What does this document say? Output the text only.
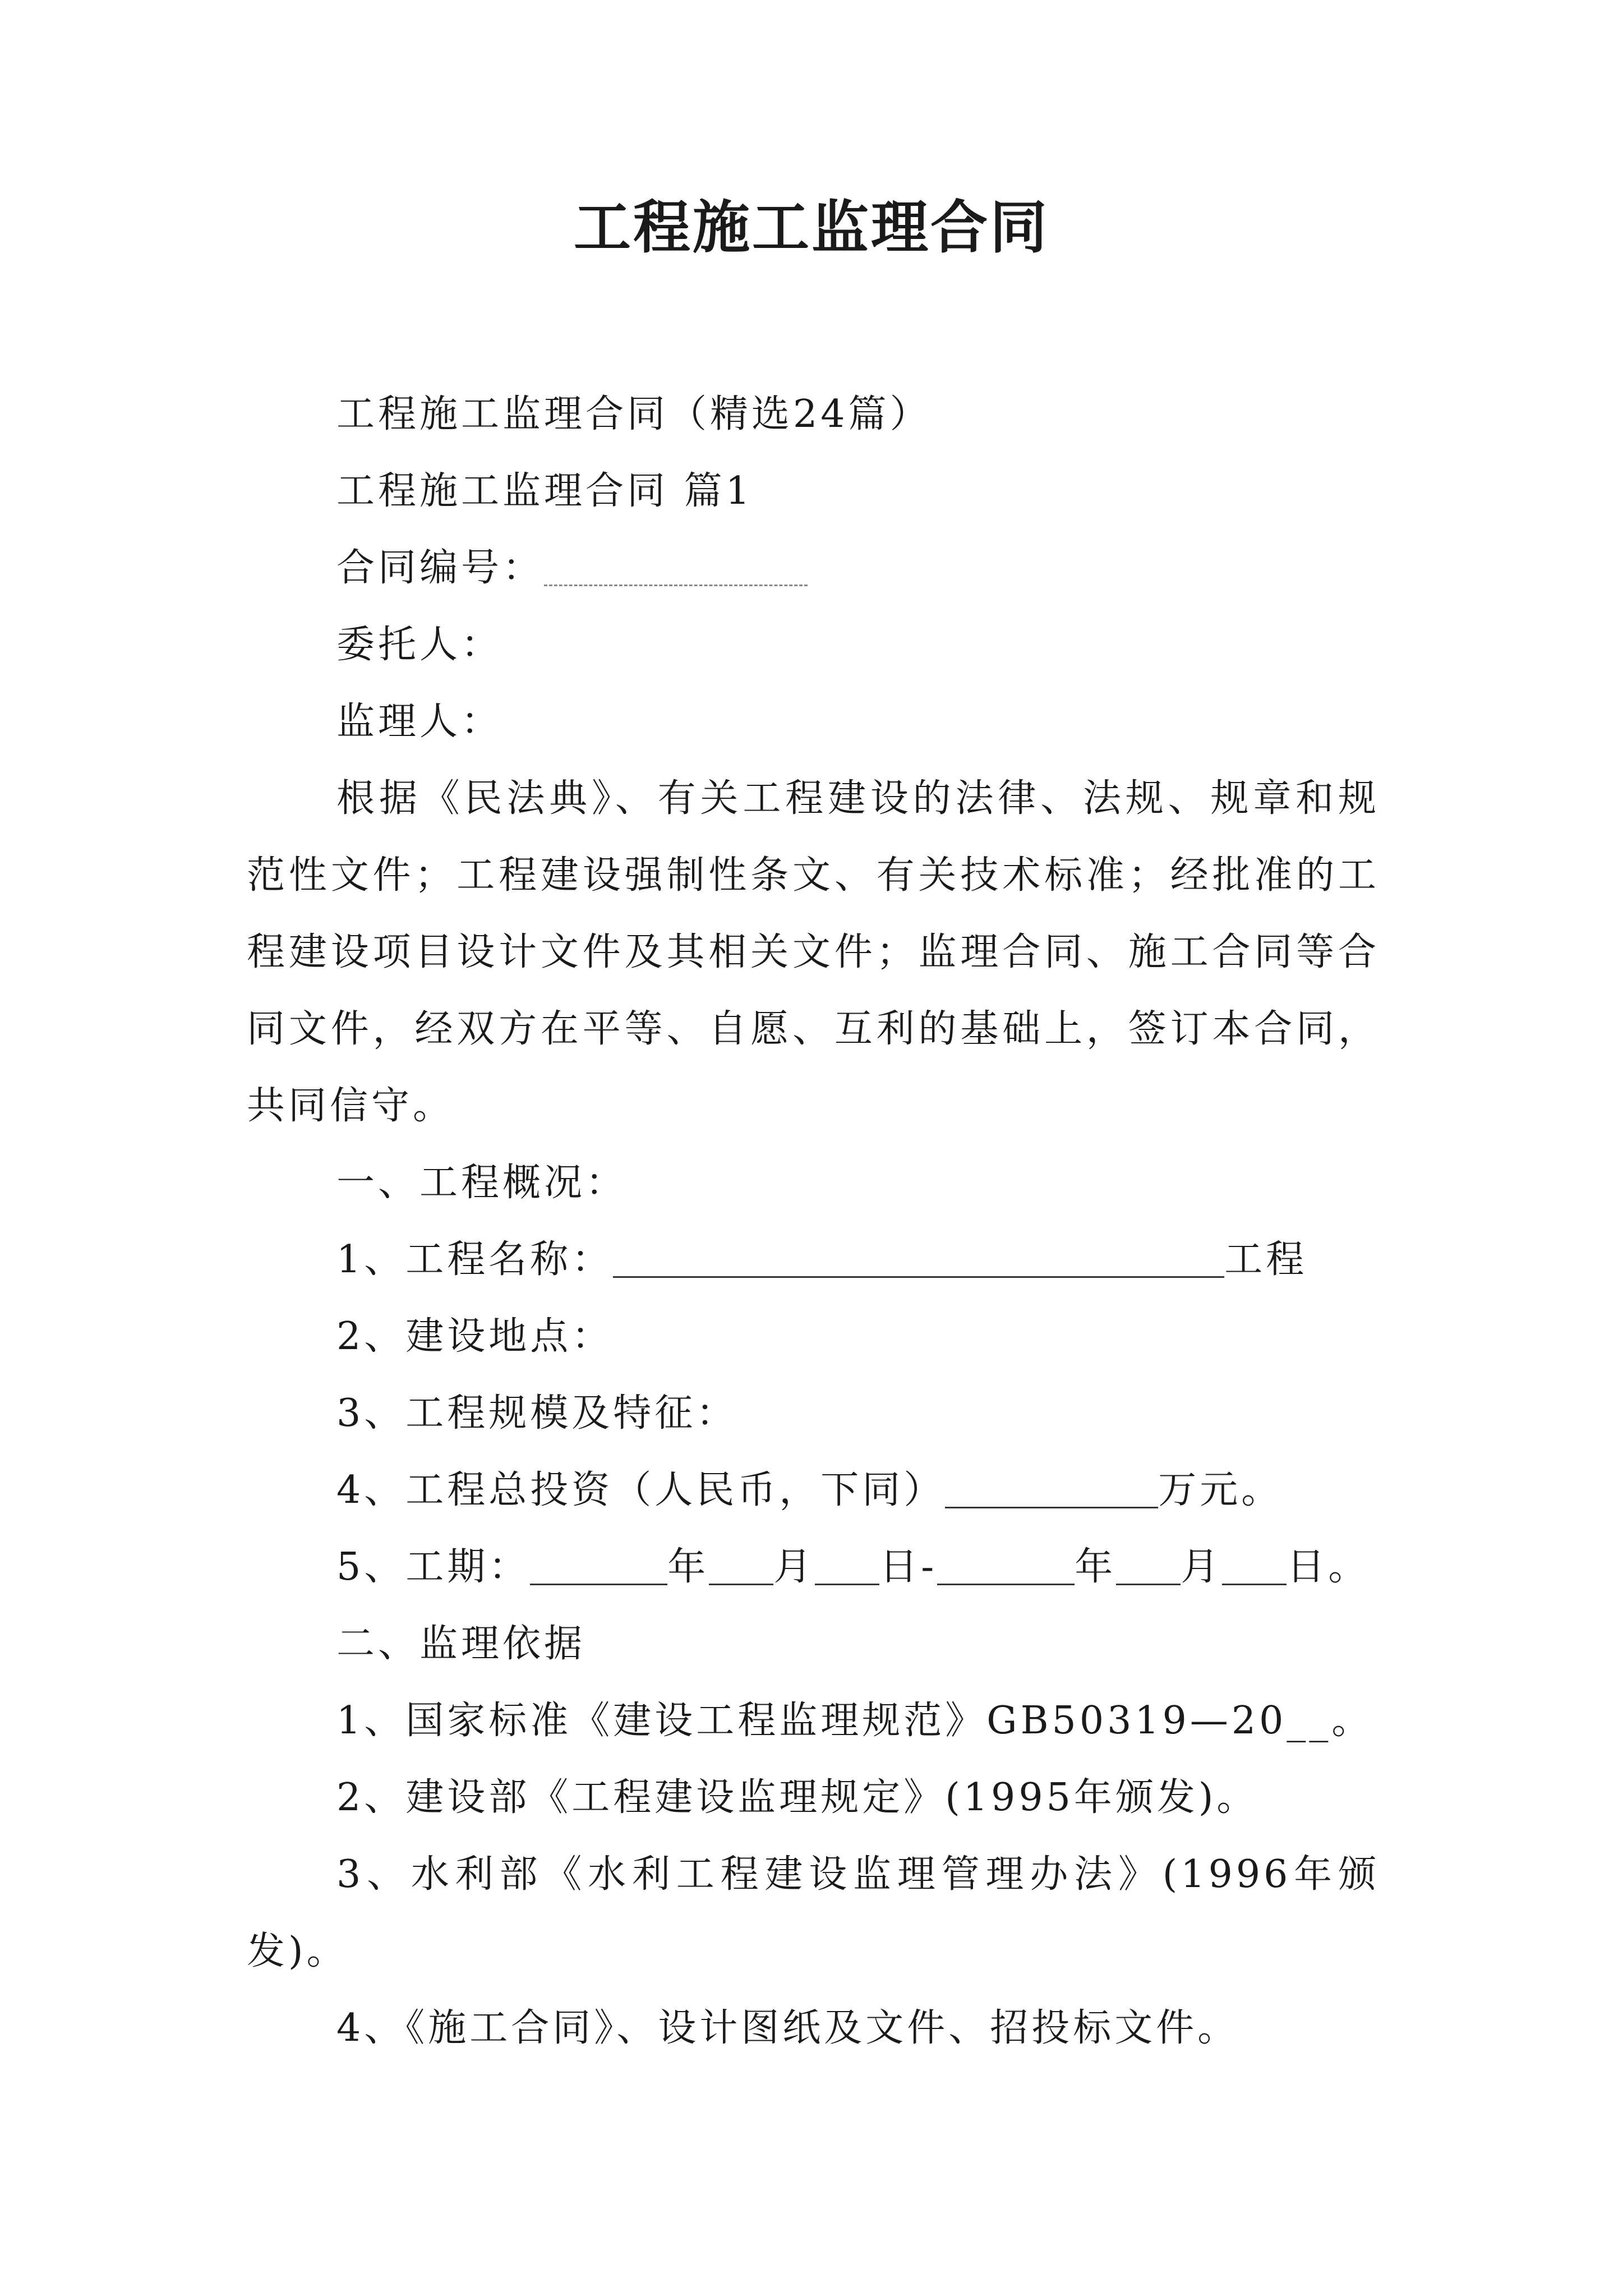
工程施工监理合同

工程施工监理合同（精选24篇）

工程施工监理合同 篇1

合同编号：

委托人：

监理人：

根据《民法典》、有关工程建设的法律、法规、规章和规范性文件；工程建设强制性条文、有关技术标准；经批准的工程建设项目设计文件及其相关文件；监理合同、施工合同等合同文件，经双方在平等、自愿、互利的基础上，签订本合同，共同信守。

一、工程概况：

1、工程名称：	工程

2、建设地点：

3、工程规模及特征：

4、工程总投资（人民币，下同）	万元。

5、工期：	年 月 日-	年 月 日。

二、监理依据

1、国家标准《建设工程监理规范》GB50319—20__。

2、建设部《工程建设监理规定》(1995年颁发)。

3、水利部《水利工程建设监理管理办法》(1996年颁发)。

4、《施工合同》、设计图纸及文件、招投标文件。
